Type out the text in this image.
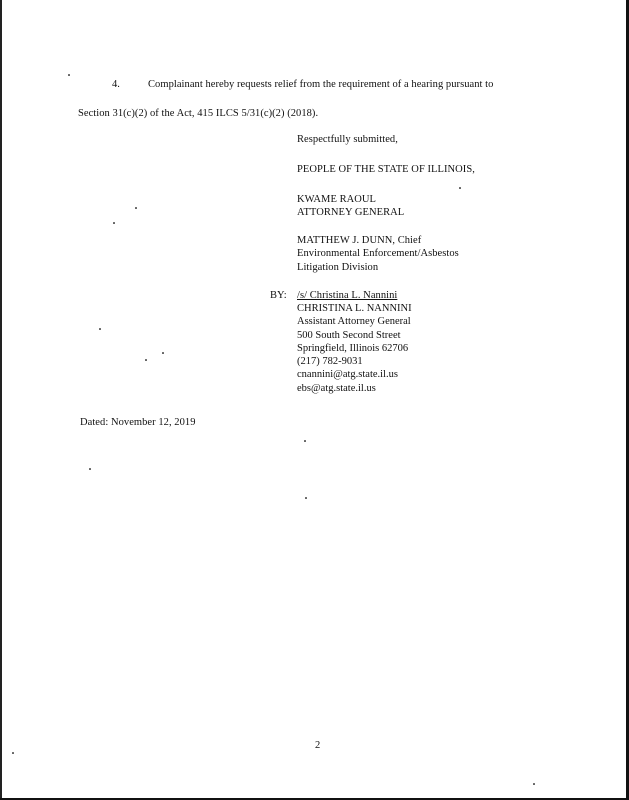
4.	Complainant hereby requests relief from the requirement of a hearing pursuant to
Section 31(c)(2) of the Act, 415 ILCS 5/31(c)(2) (2018).
Respectfully submitted,
PEOPLE OF THE STATE OF ILLINOIS,
KWAME RAOUL
ATTORNEY GENERAL
MATTHEW J. DUNN, Chief
Environmental Enforcement/Asbestos
Litigation Division
BY: /s/ Christina L. Nannini
CHRISTINA L. NANNINI
Assistant Attorney General
500 South Second Street
Springfield, Illinois 62706
(217) 782-9031
cnannini@atg.state.il.us
ebs@atg.state.il.us
Dated: November 12, 2019
2
